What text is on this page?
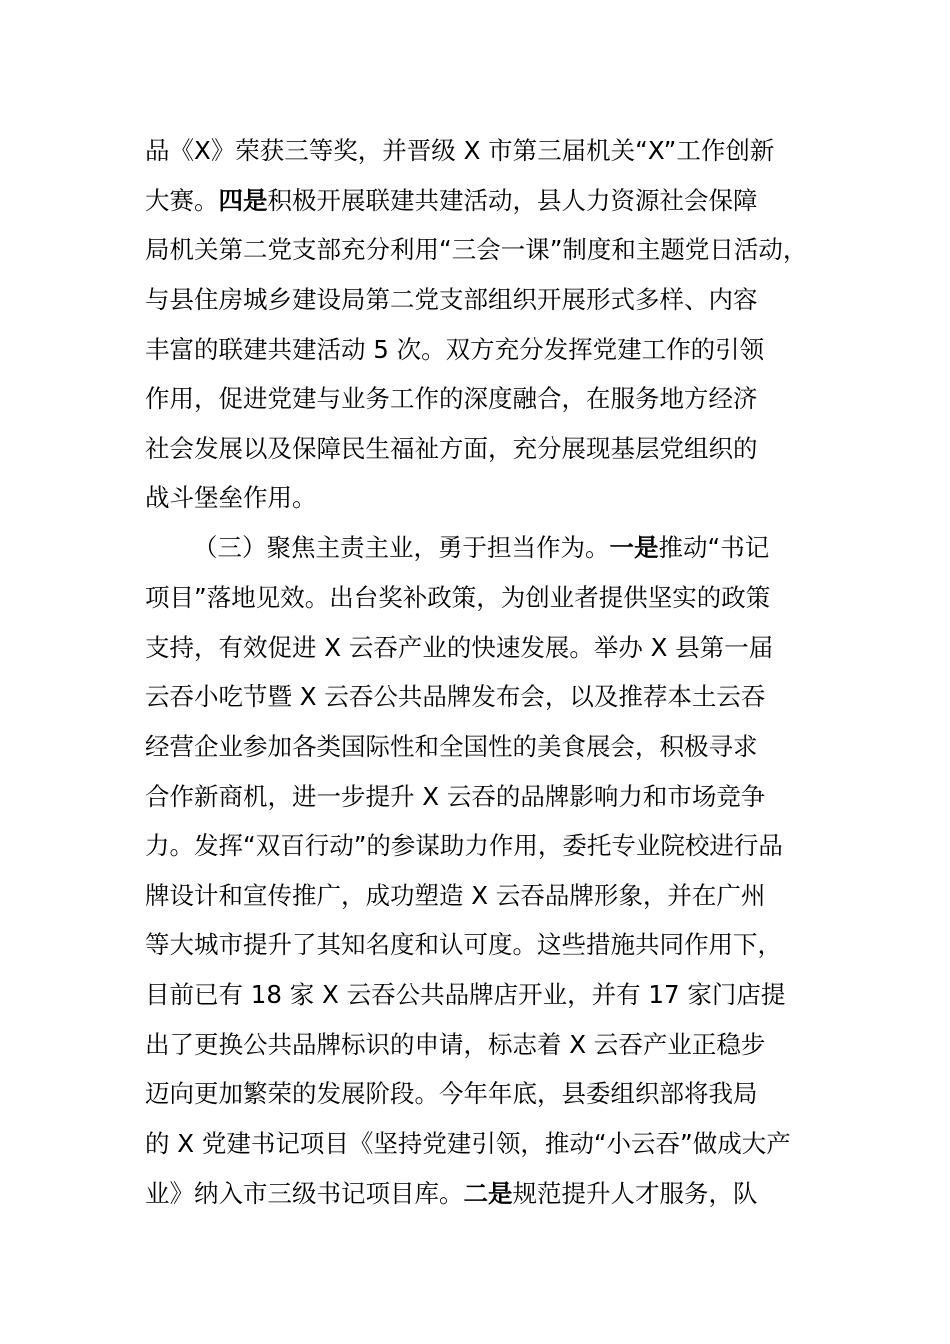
品《X》荣获三等奖，并晋级 X 市第三届机关“X”工作创新
大赛。四是积极开展联建共建活动，县人力资源社会保障
局机关第二党支部充分利用“三会一课”制度和主题党日活动，
与县住房城乡建设局第二党支部组织开展形式多样、内容
丰富的联建共建活动 5 次。双方充分发挥党建工作的引领
作用，促进党建与业务工作的深度融合，在服务地方经济
社会发展以及保障民生福祉方面，充分展现基层党组织的
战斗堡垒作用。
（三）聚焦主责主业，勇于担当作为。一是推动“书记
项目”落地见效。出台奖补政策，为创业者提供坚实的政策
支持，有效促进 X 云吞产业的快速发展。举办 X 县第一届
云吞小吃节暨 X 云吞公共品牌发布会，以及推荐本土云吞
经营企业参加各类国际性和全国性的美食展会，积极寻求
合作新商机，进一步提升 X 云吞的品牌影响力和市场竞争
力。发挥“双百行动”的参谋助力作用，委托专业院校进行品
牌设计和宣传推广，成功塑造 X 云吞品牌形象，并在广州
等大城市提升了其知名度和认可度。这些措施共同作用下，
目前已有 18 家 X 云吞公共品牌店开业，并有 17 家门店提
出了更换公共品牌标识的申请，标志着 X 云吞产业正稳步
迈向更加繁荣的发展阶段。今年年底，县委组织部将我局
的 X 党建书记项目《坚持党建引领，推动“小云吞”做成大产
业》纳入市三级书记项目库。二是规范提升人才服务，队
